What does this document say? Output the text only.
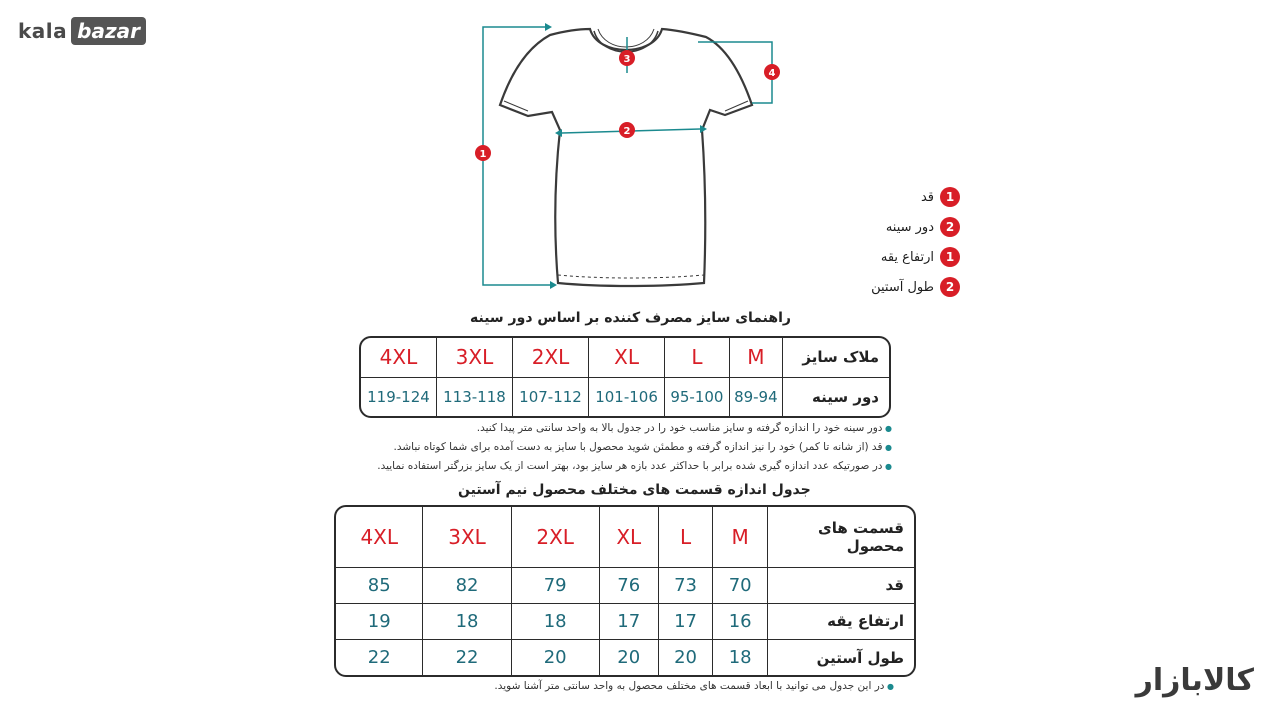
kala bazar
کالابازار
1
2
3
4
1
قد
2
دور سینه
1
ارتفاع یقه
2
طول آستین
راهنمای سایز مصرف کننده بر اساس دور سینه
4XL	3XL	2XL	XL	L	M	ملاک سایز
119-124	113-118	107-112	101-106	95-100	89-94	دور سینه
● دور سینه خود را اندازه گرفته و سایز مناسب خود را در جدول بالا به واحد سانتی متر پیدا کنید.
● قد (از شانه تا کمر) خود را نیز اندازه گرفته و مطمئن شوید محصول با سایز به دست آمده برای شما کوتاه نباشد.
● در صورتیکه عدد اندازه گیری شده برابر با حداکثر عدد بازه هر سایز بود، بهتر است از یک سایز بزرگتر استفاده نمایید.
جدول اندازه قسمت های مختلف محصول نیم آستین
4XL	3XL	2XL	XL	L	M	قسمت های محصول
85	82	79	76	73	70	قد
19	18	18	17	17	16	ارتفاع یقه
22	22	20	20	20	18	طول آستین
● در این جدول می توانید با ابعاد قسمت های مختلف محصول به واحد سانتی متر آشنا شوید.
